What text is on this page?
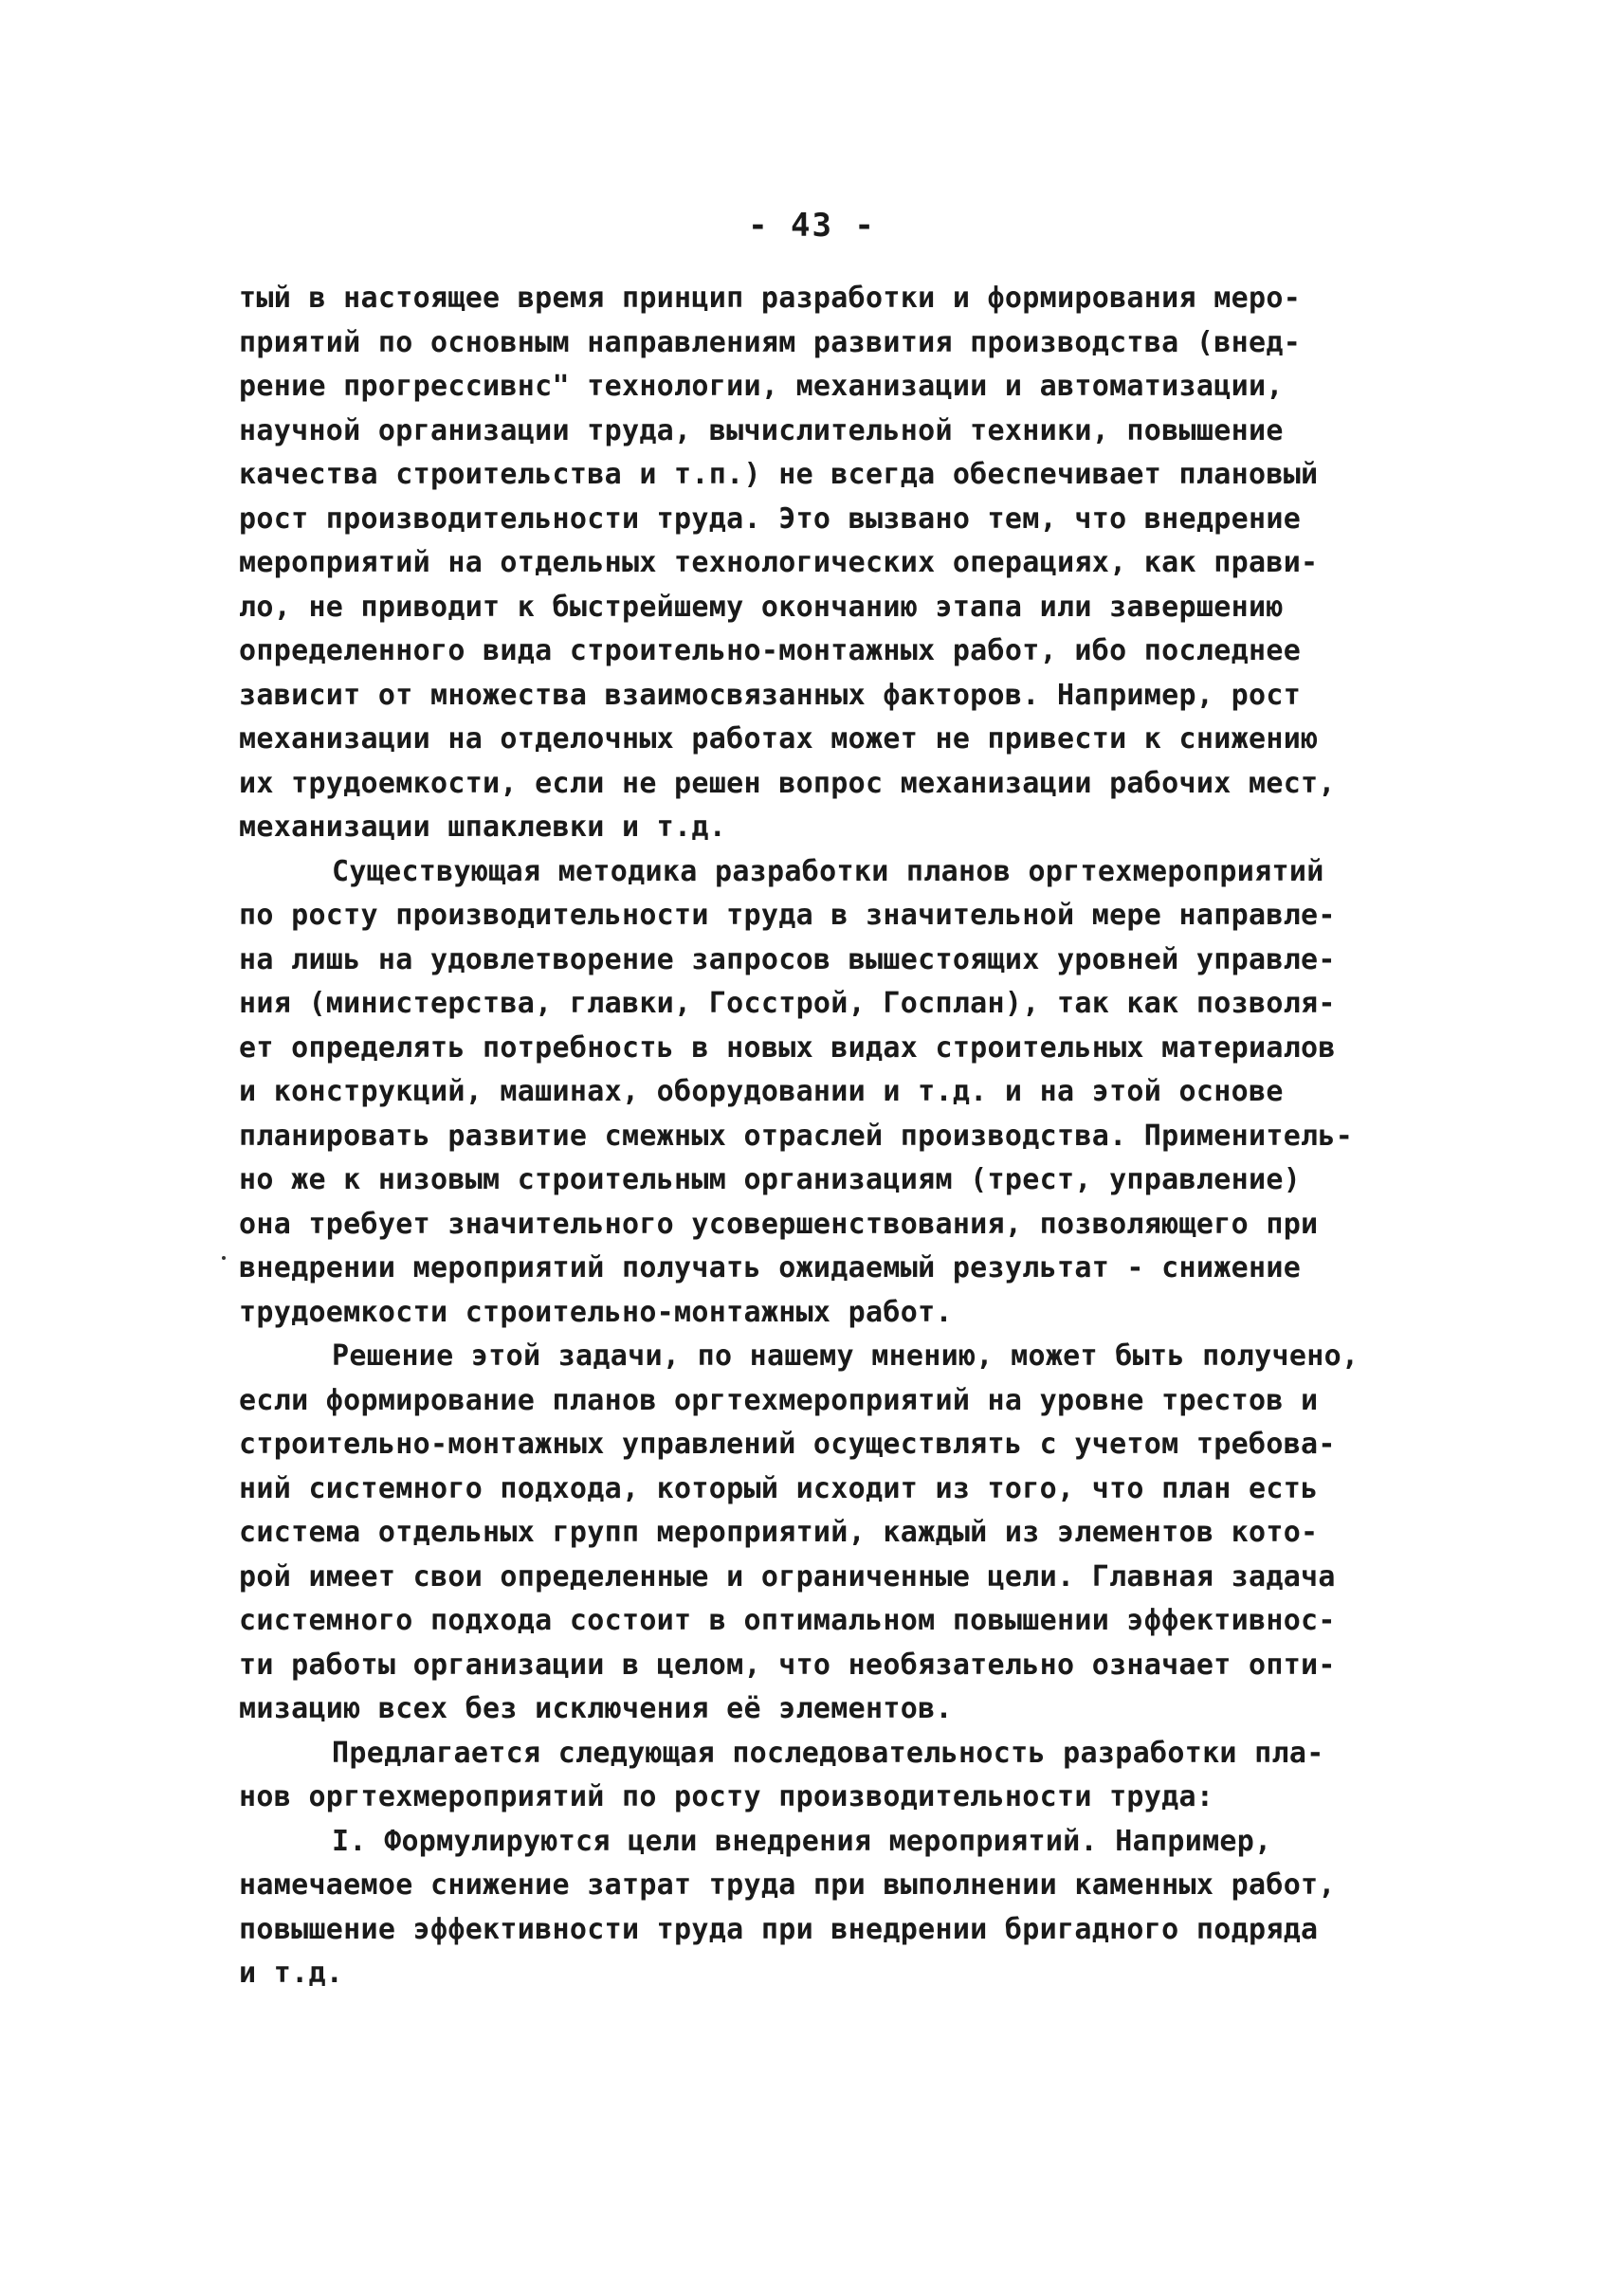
- 43 -
тый в настоящее время принцип разработки и формирования меро-
приятий по основным направлениям развития производства (внед-
рение прогрессивнс" технологии, механизации и автоматизации,
научной организации труда, вычислительной техники, повышение
качества строительства и т.п.) не всегда обеспечивает плановый
рост производительности труда. Это вызвано тем, что внедрение
мероприятий на отдельных технологических операциях, как прави-
ло, не приводит к быстрейшему окончанию этапа или завершению
определенного вида строительно-монтажных работ, ибо последнее
зависит от множества взаимосвязанных факторов. Например, рост
механизации на отделочных работах может не привести к снижению
их трудоемкости, если не решен вопрос механизации рабочих мест,
механизации шпаклевки и т.д.
Существующая методика разработки планов оргтехмероприятий
по росту производительности труда в значительной мере направле-
на лишь на удовлетворение запросов вышестоящих уровней управле-
ния (министерства, главки, Госстрой, Госплан), так как позволя-
ет определять потребность в новых видах строительных материалов
и конструкций, машинах, оборудовании и т.д. и на этой основе
планировать развитие смежных отраслей производства. Применитель-
но же к низовым строительным организациям (трест, управление)
она требует значительного усовершенствования, позволяющего при
внедрении мероприятий получать ожидаемый результат - снижение
трудоемкости строительно-монтажных работ.
Решение этой задачи, по нашему мнению, может быть получено,
если формирование планов оргтехмероприятий на уровне трестов и
строительно-монтажных управлений осуществлять с учетом требова-
ний системного подхода, который исходит из того, что план есть
система отдельных групп мероприятий, каждый из элементов кото-
рой имеет свои определенные и ограниченные цели. Главная задача
системного подхода состоит в оптимальном повышении эффективнос-
ти работы организации в целом, что необязательно означает опти-
мизацию всех без исключения её элементов.
Предлагается следующая последовательность разработки пла-
нов оргтехмероприятий по росту производительности труда:
I. Формулируются цели внедрения мероприятий. Например,
намечаемое снижение затрат труда при выполнении каменных работ,
повышение эффективности труда при внедрении бригадного подряда
и т.д.
